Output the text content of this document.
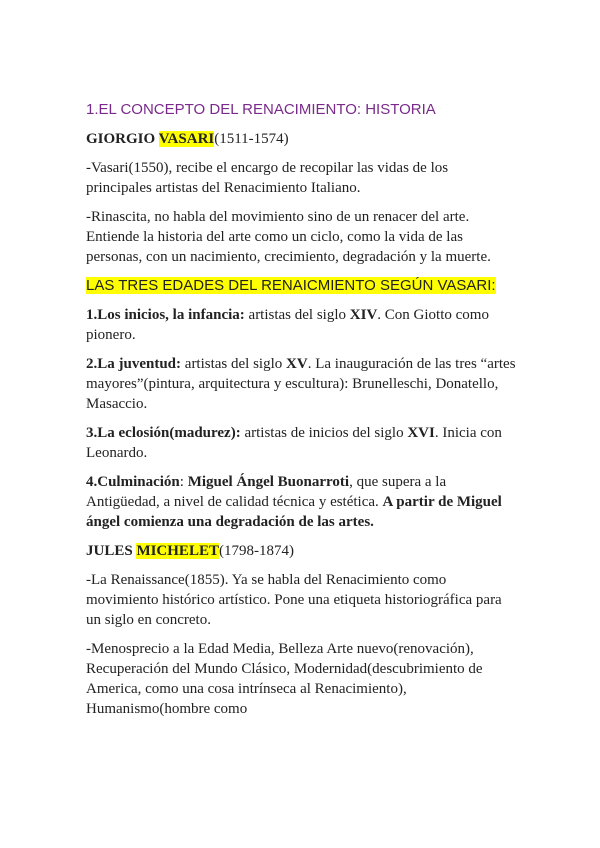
1.EL CONCEPTO DEL RENACIMIENTO: HISTORIA

GIORGIO VASARI(1511-1574)

-Vasari(1550), recibe el encargo de recopilar las vidas de los principales artistas del Renacimiento Italiano.

-Rinascita, no habla del movimiento sino de un renacer del arte. Entiende la historia del arte como un ciclo, como la vida de las personas, con un nacimiento, crecimiento, degradación y la muerte.

LAS TRES EDADES DEL RENAICMIENTO SEGÚN VASARI:

1.Los inicios, la infancia: artistas del siglo XIV. Con Giotto como pionero.

2.La juventud: artistas del siglo XV. La inauguración de las tres “artes mayores”(pintura, arquitectura y escultura): Brunelleschi, Donatello, Masaccio.

3.La eclosión(madurez): artistas de inicios del siglo XVI. Inicia con Leonardo.

4.Culminación: Miguel Ángel Buonarroti, que supera a la Antigüedad, a nivel de calidad técnica y estética. A partir de Miguel ángel comienza una degradación de las artes.

JULES MICHELET(1798-1874)

-La Renaissance(1855). Ya se habla del Renacimiento como movimiento histórico artístico. Pone una etiqueta historiográfica para un siglo en concreto.

-Menosprecio a la Edad Media, Belleza Arte nuevo(renovación), Recuperación del Mundo Clásico, Modernidad(descubrimiento de America, como una cosa intrínseca al Renacimiento), Humanismo(hombre como
